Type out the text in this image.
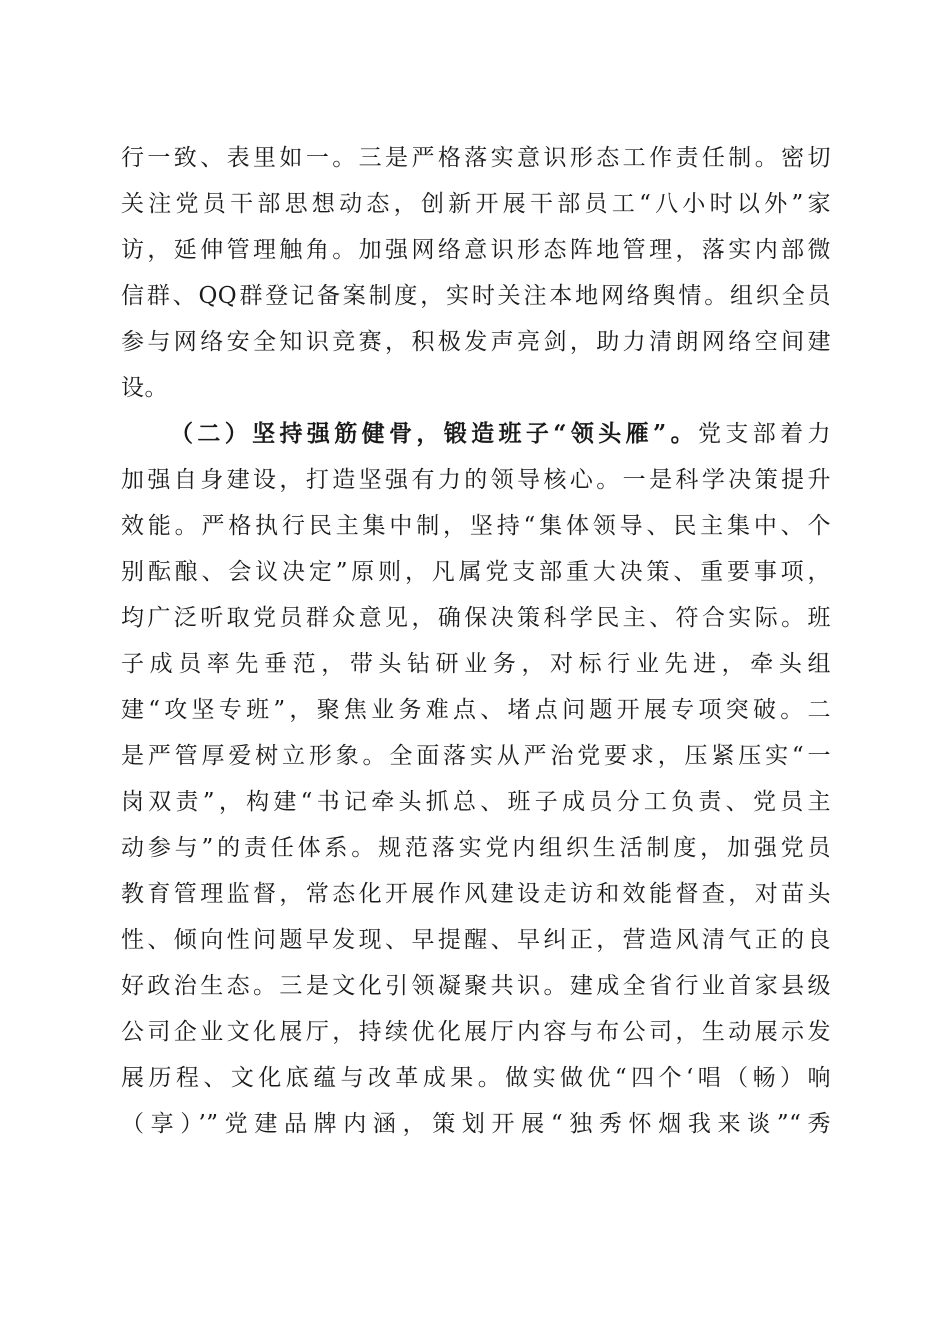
行一致、表里如一。三是严格落实意识形态工作责任制。密切
关注党员干部思想动态，创新开展干部员工“八小时以外”家
访，延伸管理触角。加强网络意识形态阵地管理，落实内部微
信群、QQ群登记备案制度，实时关注本地网络舆情。组织全员
参与网络安全知识竞赛，积极发声亮剑，助力清朗网络空间建
设。
（二）坚持强筋健骨，锻造班子“领头雁”。党支部着力
加强自身建设，打造坚强有力的领导核心。一是科学决策提升
效能。严格执行民主集中制，坚持“集体领导、民主集中、个
别酝酿、会议决定”原则，凡属党支部重大决策、重要事项，
均广泛听取党员群众意见，确保决策科学民主、符合实际。班
子成员率先垂范，带头钻研业务，对标行业先进，牵头组
建“攻坚专班”，聚焦业务难点、堵点问题开展专项突破。二
是严管厚爱树立形象。全面落实从严治党要求，压紧压实“一
岗双责”，构建“书记牵头抓总、班子成员分工负责、党员主
动参与”的责任体系。规范落实党内组织生活制度，加强党员
教育管理监督，常态化开展作风建设走访和效能督查，对苗头
性、倾向性问题早发现、早提醒、早纠正，营造风清气正的良
好政治生态。三是文化引领凝聚共识。建成全省行业首家县级
公司企业文化展厅，持续优化展厅内容与布公司，生动展示发
展历程、文化底蕴与改革成果。做实做优“四个‘唱（畅）响
（享）’”党建品牌内涵，策划开展“独秀怀烟我来谈”“秀
